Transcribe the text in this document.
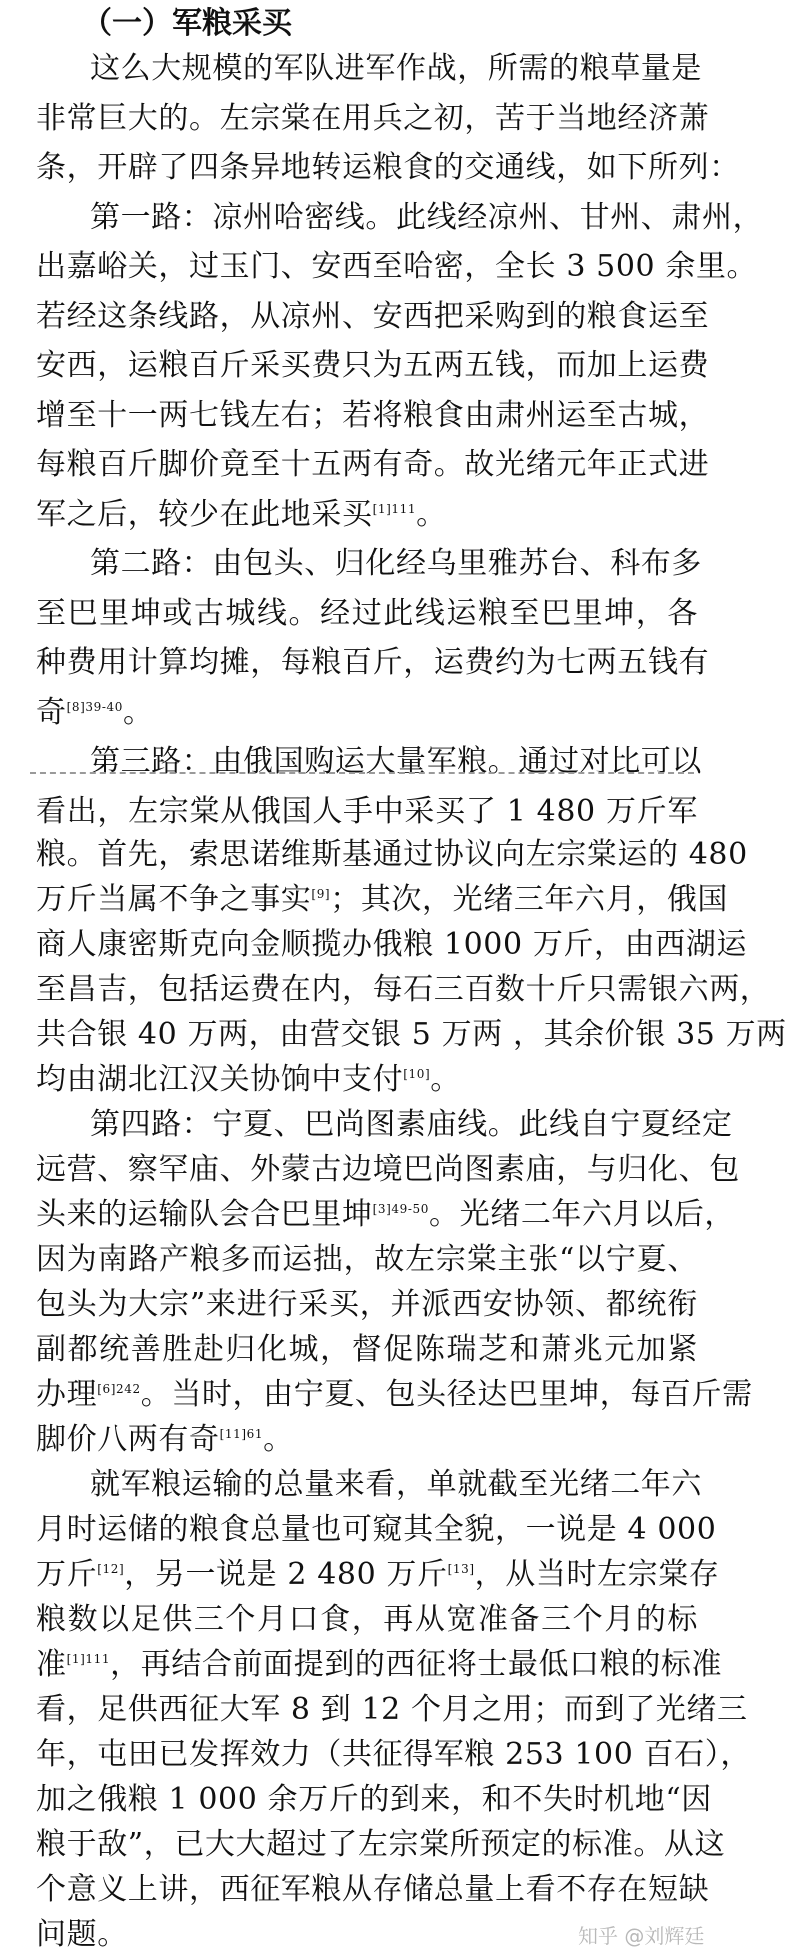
（一）军粮采买
这么大规模的军队进军作战，所需的粮草量是
非常巨大的。左宗棠在用兵之初，苦于当地经济萧
条，开辟了四条异地转运粮食的交通线，如下所列：
第一路：凉州哈密线。此线经凉州、甘州、肃州，
出嘉峪关，过玉门、安西至哈密，全长 3 500 余里。
若经这条线路，从凉州、安西把采购到的粮食运至
安西，运粮百斤采买费只为五两五钱，而加上运费
增至十一两七钱左右；若将粮食由肃州运至古城，
每粮百斤脚价竟至十五两有奇。故光绪元年正式进
军之后，较少在此地采买$^{[1]111}$。
第二路：由包头、归化经乌里雅苏台、科布多
至巴里坤或古城线。经过此线运粮至巴里坤，各
种费用计算均摊，每粮百斤，运费约为七两五钱有
奇$^{[8]39-40}$。
第三路：由俄国购运大量军粮。通过对比可以
看出，左宗棠从俄国人手中采买了 1 480 万斤军
粮。首先，索思诺维斯基通过协议向左宗棠运的 480
万斤当属不争之事实[9]；其次，光绪三年六月，俄国
商人康密斯克向金顺揽办俄粮 1000 万斤，由西湖运
至昌吉，包括运费在内，每石三百数十斤只需银六两，
共合银 40 万两，由营交银 5 万两 ，其余价银 35 万两
均由湖北江汉关协饷中支付[10]。
第四路：宁夏、巴尚图素庙线。此线自宁夏经定
远营、察罕庙、外蒙古边境巴尚图素庙，与归化、包
头来的运输队会合巴里坤$^{[3]49-50}$。光绪二年六月以后，
因为南路产粮多而运拙，故左宗棠主张“以宁夏、
包头为大宗”来进行采买，并派西安协领、都统衔
副都统善胜赴归化城，督促陈瑞芝和萧兆元加紧
办理$^{[6]242}$。当时，由宁夏、包头径达巴里坤，每百斤需
脚价八两有奇$^{[11]61}$。
就军粮运输的总量来看，单就截至光绪二年六
月时运储的粮食总量也可窥其全貌，一说是 4 000
万斤[12]，另一说是 2 480 万斤[13]，从当时左宗棠存
粮数以足供三个月口食，再从宽准备三个月的标
准$^{[1]111}$，再结合前面提到的西征将士最低口粮的标准
看，足供西征大军 8 到 12 个月之用；而到了光绪三
年，屯田已发挥效力（共征得军粮 253 100 百石），
加之俄粮 1 000 余万斤的到来，和不失时机地“因
粮于敌”，已大大超过了左宗棠所预定的标准。从这
个意义上讲，西征军粮从存储总量上看不存在短缺
问题。	知乎 @刘辉廷
